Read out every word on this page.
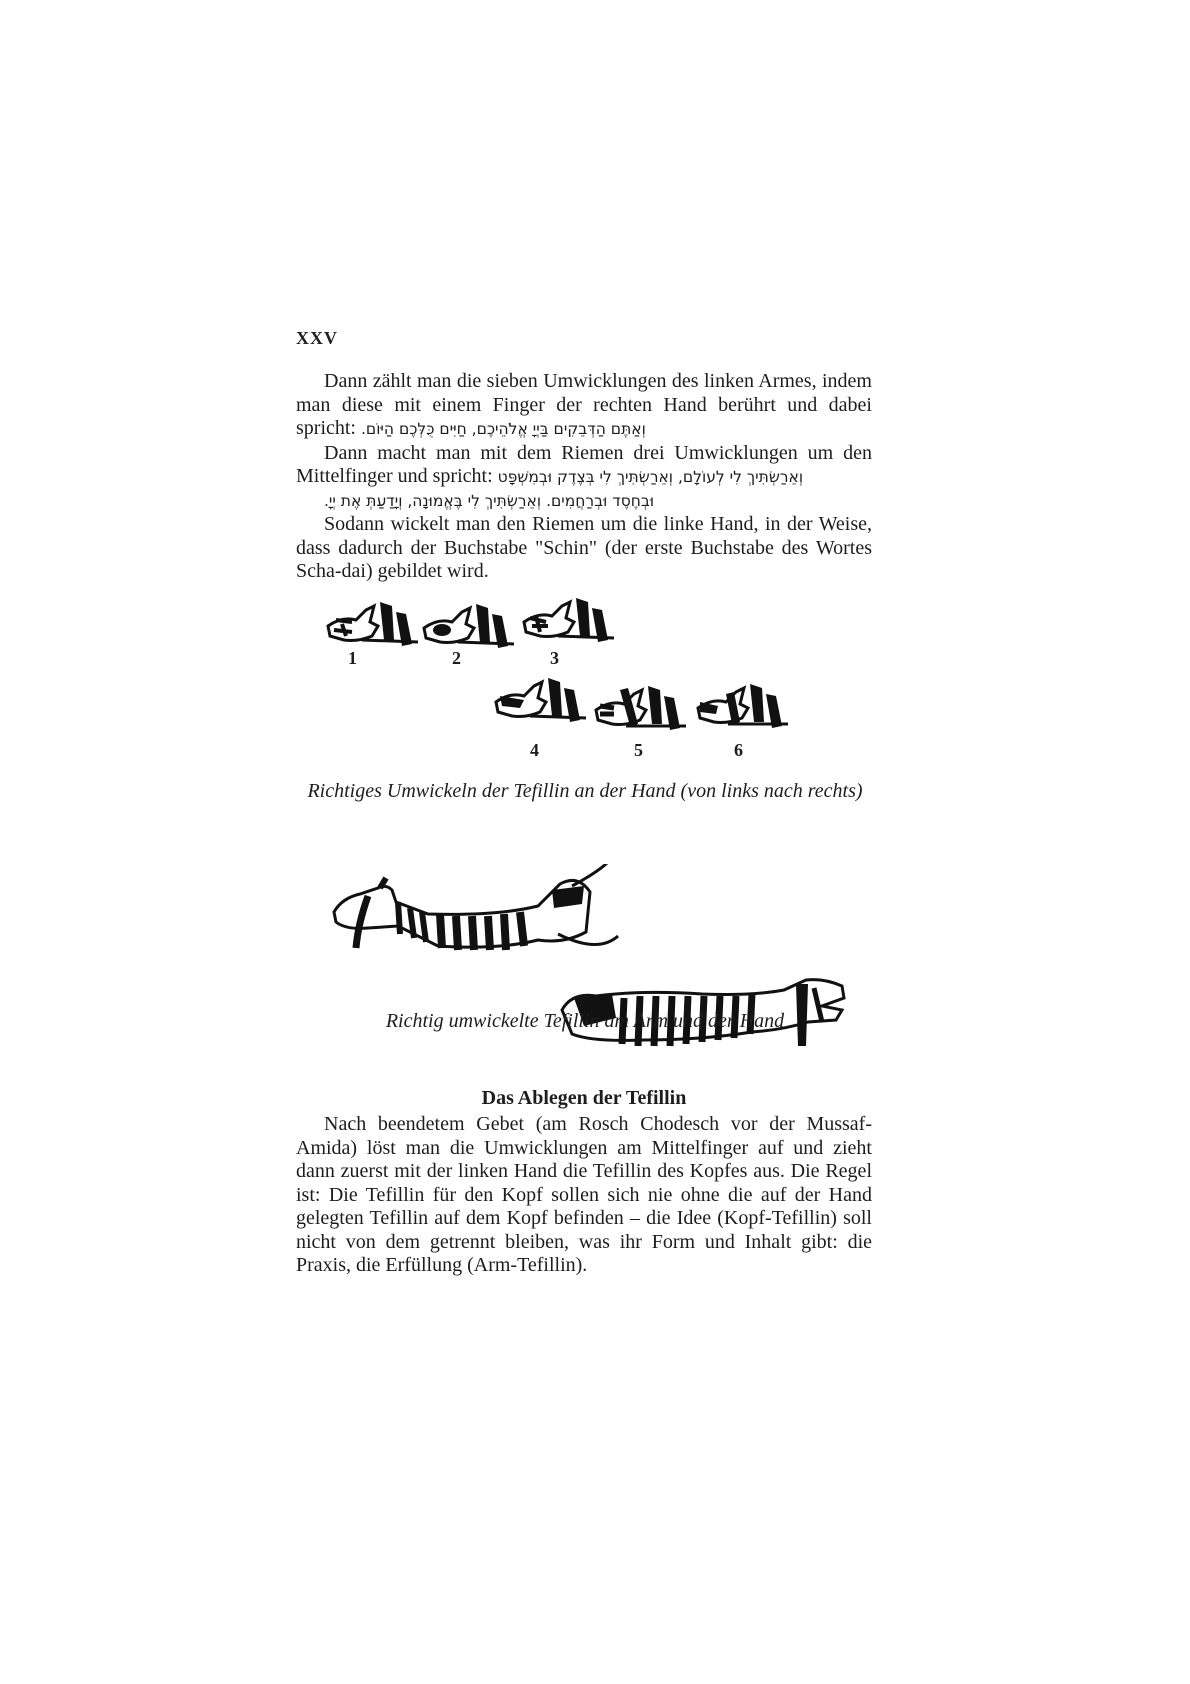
XXV

Dann zählt man die sieben Umwicklungen des linken Armes, indem man diese mit einem Finger der rechten Hand berührt und dabei spricht: וְאַתֶּם הַדְּבֵקִים בַּיְיָ אֱלֹהֵיכֶם, חַיִּים כֻּלְּכֶם הַיּוֹם.

Dann macht man mit dem Riemen drei Umwicklungen um den Mittelfinger und spricht: וְאֵרַשְׂתִּיךְ לִי לְעוֹלָם, וְאֵרַשְׂתִּיךְ לִי בְּצֶדֶק וּבְמִשְׁפָּט
וּבְחֶסֶד וּבְרַחֲמִים. וְאֵרַשְׂתִּיךְ לִי בֶּאֱמוּנָה, וְיָדַעַתְּ אֶת יְיָ.

Sodann wickelt man den Riemen um die linke Hand, in der Weise, dass dadurch der Buchstabe "Schin" (der erste Buchstabe des Wortes Scha-dai) gebildet wird.

1	2	3
4	5	6
Richtiges Umwickeln der Tefillin an der Hand (von links nach rechts)
Richtig umwickelte Tefillin am Arm und der Hand
Das Ablegen der Tefillin

Nach beendetem Gebet (am Rosch Chodesch vor der Mussaf-Amida) löst man die Umwicklungen am Mittelfinger auf und zieht dann zuerst mit der linken Hand die Tefillin des Kopfes aus. Die Regel ist: Die Tefillin für den Kopf sollen sich nie ohne die auf der Hand gelegten Tefillin auf dem Kopf befinden – die Idee (Kopf-Tefillin) soll nicht von dem getrennt bleiben, was ihr Form und Inhalt gibt: die Praxis, die Erfüllung (Arm-Tefillin).
